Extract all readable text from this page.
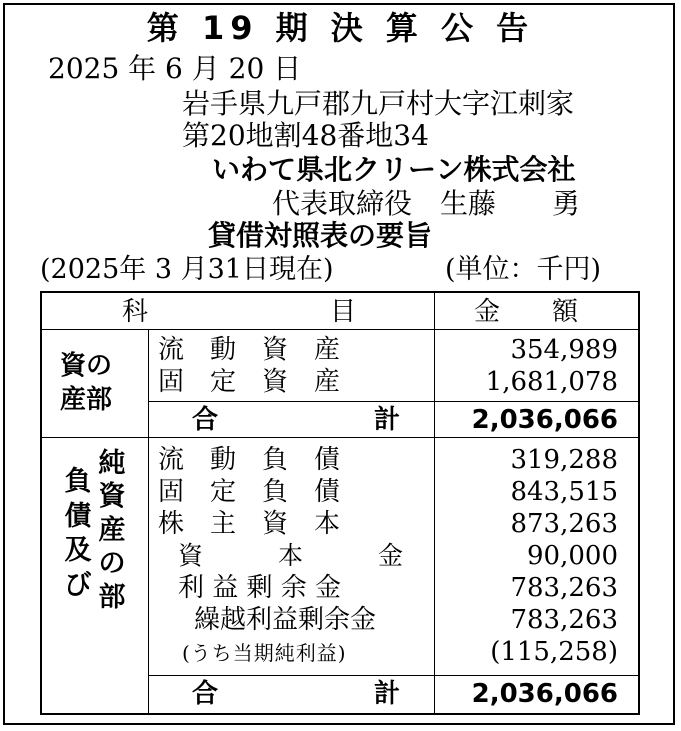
第 19 期 決 算 公 告
2025 年 6 月 20 日
岩手県九戸郡九戸村大字江刺家
第20地割48番地34
いわて県北クリーン株式会社
代表取締役 生藤　　勇
貸借対照表の要旨
(2025年 3 月31日現在)	(単位：千円)
科　　　　　　　目	金　　額
資の
産部
流　動　資　産	354,989
固　定　資　産	1,681,078
合　　　　　　計	2,036,066
負
債
及
び
純
資
産
の
部
流　動　負　債	319,288
固　定　負　債	843,515
株　主　資　本	873,263
資　　　本　　　金	90,000
利 益 剰 余 金	783,263
繰越利益剰余金	783,263
(うち当期純利益)	(115,258)
合　　　　　　計	2,036,066
